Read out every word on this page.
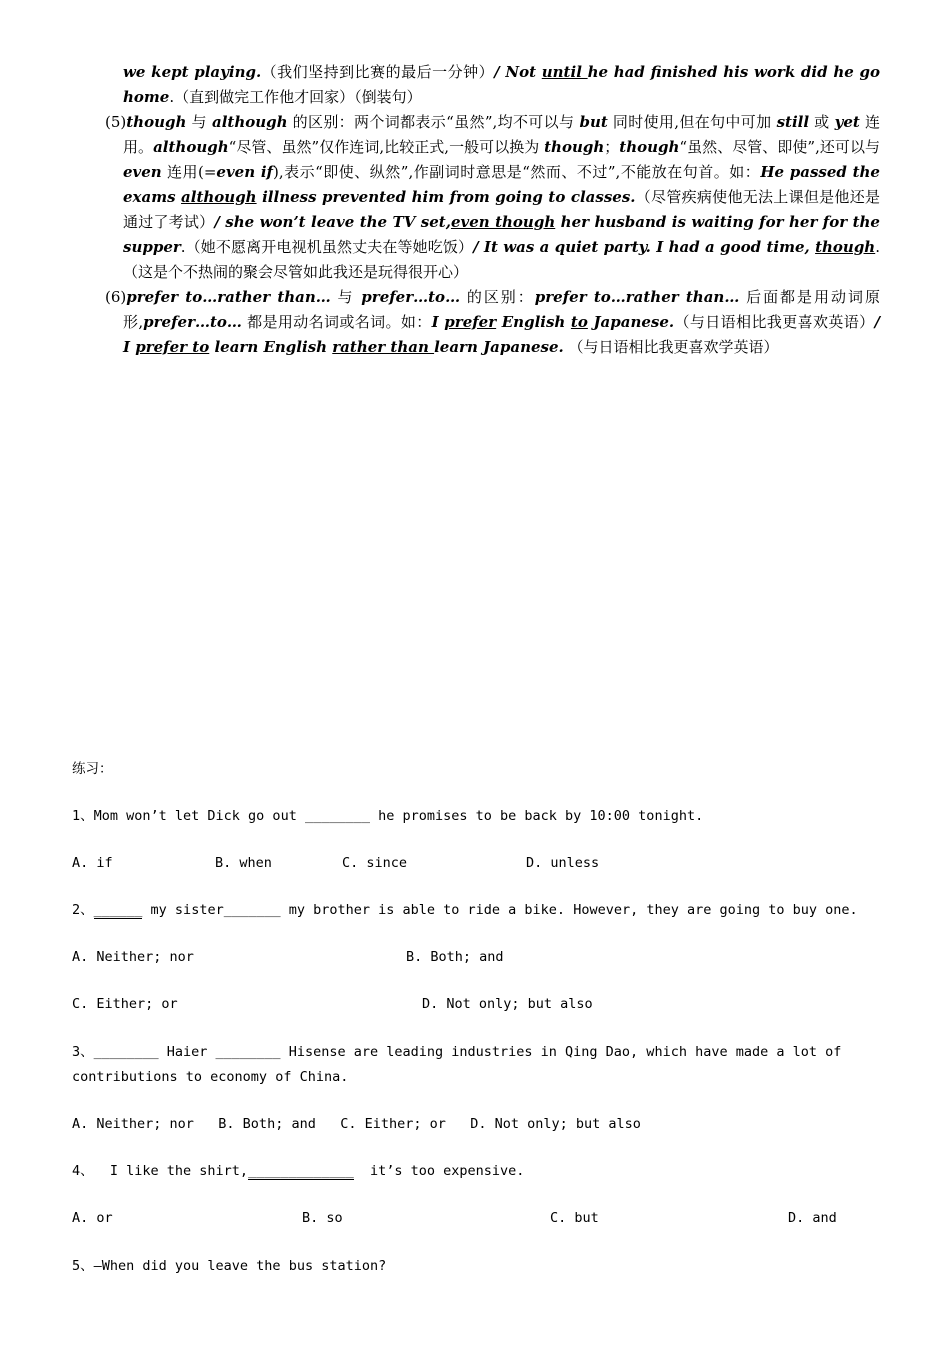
we kept playing.（我们坚持到比赛的最后一分钟）/ Not until he had finished his work did he go home.（直到做完工作他才回家）（倒装句）

(5)though 与 although 的区别：两个词都表示“虽然”,均不可以与 but 同时使用,但在句中可加 still 或 yet 连用。although“尽管、虽然”仅作连词,比较正式,一般可以换为 though；though“虽然、尽管、即使”,还可以与 even 连用(=even if),表示“即使、纵然”,作副词时意思是“然而、不过”,不能放在句首。如：He passed the exams although illness prevented him from going to classes.（尽管疾病使他无法上课但是他还是通过了考试）/ she won’t leave the TV set,even though her husband is waiting for her for the supper.（她不愿离开电视机虽然丈夫在等她吃饭）/ It was a quiet party. I had a good time, though.（这是个不热闹的聚会尽管如此我还是玩得很开心）

(6)prefer to…rather than… 与 prefer…to… 的区别：prefer to…rather than… 后面都是用动词原形,prefer…to… 都是用动名词或名词。如：I prefer English to Japanese.（与日语相比我更喜欢英语）/ I prefer to learn English rather than learn Japanese. （与日语相比我更喜欢学英语）

练习：
1、Mom won’t let Dick go out ________ he promises to be back by 10:00 tonight.

A. if

	B. when

	C. since

	D. unless

2、______ my sister_______ my brother is able to ride a bike. However, they are going to buy one.

A. Neither; nor

	B. Both; and

C. Either; or

	D. Not only; but also

3、________ Haier ________ Hisense are leading industries in Qing Dao, which have made a lot of contributions to economy of China.
A. Neither; nor   B. Both; and   C. Either; or   D. Not only; but also
4、  I like the shirt,_____________  it’s too expensive.

A. or

	B. so

	C. but

	D. and

5、—When did you leave the bus station?
